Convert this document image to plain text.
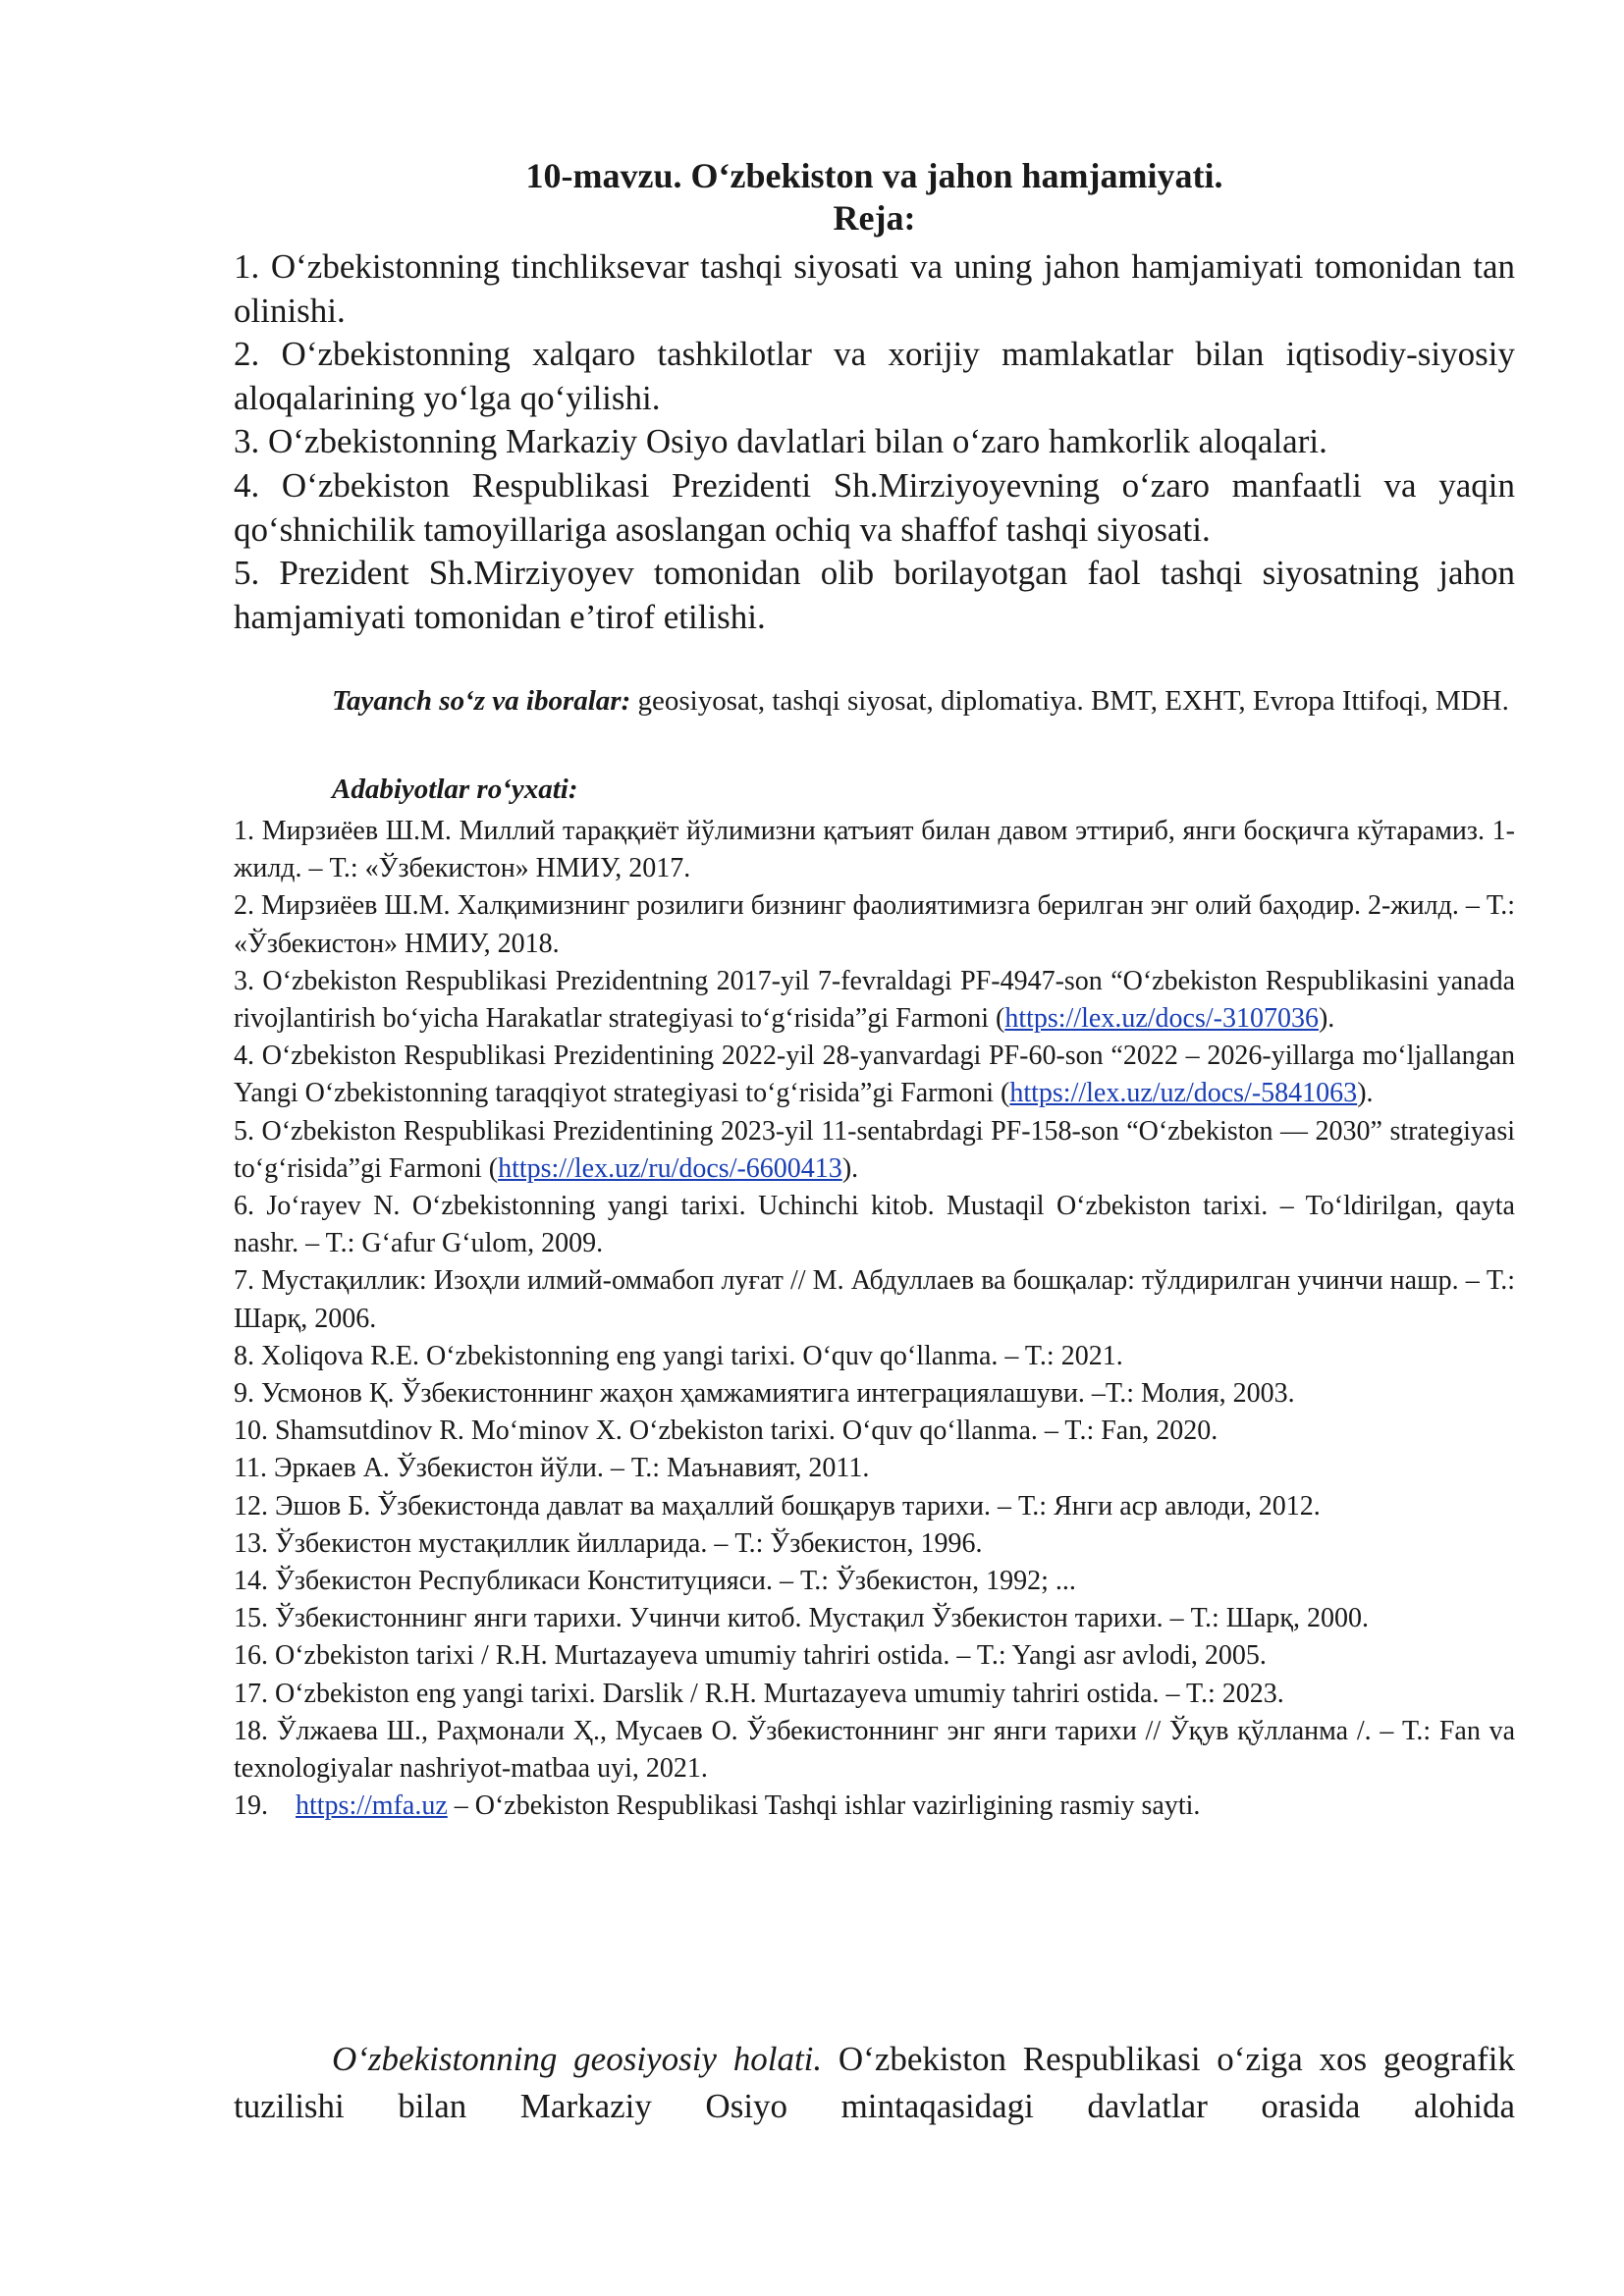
10-mavzu. O‘zbekiston va jahon hamjamiyati.
Reja:

1. O‘zbekistonning tinchliksevar tashqi siyosati va uning jahon hamjamiyati tomonidan tan olinishi.

2. O‘zbekistonning xalqaro tashkilotlar va xorijiy mamlakatlar bilan iqtisodiy-siyosiy aloqalarining yo‘lga qo‘yilishi.

3. O‘zbekistonning Markaziy Osiyo davlatlari bilan o‘zaro hamkorlik aloqalari.

4. O‘zbekiston Respublikasi Prezidenti Sh.Mirziyoyevning o‘zaro manfaatli va yaqin qo‘shnichilik tamoyillariga asoslangan ochiq va shaffof tashqi siyosati.

5. Prezident Sh.Mirziyoyev tomonidan olib borilayotgan faol tashqi siyosatning jahon hamjamiyati tomonidan e’tirof etilishi.

Tayanch so‘z va iboralar: geosiyosat, tashqi siyosat, diplomatiya. BMT, EXHT, Evropa Ittifoqi, MDH.

Adabiyotlar ro‘yxati:

1. Мирзиёев Ш.М. Миллий тараққиёт йўлимизни қатъият билан давом эттириб, янги босқичга кўтарамиз. 1-жилд. – Т.: «Ўзбекистон» НМИУ, 2017.

2. Мирзиёев Ш.М. Халқимизнинг розилиги бизнинг фаолиятимизга берилган энг олий баҳодир. 2-жилд. – Т.: «Ўзбекистон» НМИУ, 2018.

3. O‘zbekiston Respublikasi Prezidentning 2017-yil 7-fevraldagi PF-4947-son “O‘zbekiston Respublikasini yanada rivojlantirish bo‘yicha Harakatlar strategiyasi to‘g‘risida”gi Farmoni (https://lex.uz/docs/-3107036).

4. O‘zbekiston Respublikasi Prezidentining 2022-yil 28-yanvardagi PF-60-son “2022 – 2026-yillarga mo‘ljallangan Yangi O‘zbekistonning taraqqiyot strategiyasi to‘g‘risida”gi Farmoni (https://lex.uz/uz/docs/-5841063).

5. O‘zbekiston Respublikasi Prezidentining 2023-yil 11-sentabrdagi PF-158-son “O‘zbekiston — 2030” strategiyasi to‘g‘risida”gi Farmoni (https://lex.uz/ru/docs/-6600413).

6. Jo‘rayev N. O‘zbekistonning yangi tarixi. Uchinchi kitob. Mustaqil O‘zbekiston tarixi. – To‘ldirilgan, qayta nashr. – T.: G‘afur G‘ulom, 2009.

7. Мустақиллик: Изоҳли илмий-оммабоп луғат // М. Абдуллаев ва бошқалар: тўлдирилган учинчи нашр. – Т.: Шарқ, 2006.

8. Xoliqova R.E. O‘zbekistonning eng yangi tarixi. O‘quv qo‘llanma. – T.: 2021.

9. Усмонов Қ. Ўзбекистоннинг жаҳон ҳамжамиятига интеграциялашуви. –Т.: Молия, 2003.

10. Shamsutdinov R. Mo‘minov X. O‘zbekiston tarixi. O‘quv qo‘llanma. – T.: Fan, 2020.

11. Эркаев А. Ўзбекистон йўли. – Т.: Маънавият, 2011.

12. Эшов Б. Ўзбекистонда давлат ва маҳаллий бошқарув тарихи. – Т.: Янги аср авлоди, 2012.

13. Ўзбекистон мустақиллик йилларида. – Т.: Ўзбекистон, 1996.

14. Ўзбекистон Республикаси Конституцияси. – Т.: Ўзбекистон, 1992; ...

15. Ўзбекистоннинг янги тарихи. Учинчи китоб. Мустақил Ўзбекистон тарихи. – Т.: Шарқ, 2000.

16. O‘zbekiston tarixi / R.H. Murtazayeva umumiy tahriri ostida. – T.: Yangi asr avlodi, 2005.

17. O‘zbekiston eng yangi tarixi. Darslik / R.H. Murtazayeva umumiy tahriri ostida. – T.: 2023.

18. Ўлжаева Ш., Раҳмонали Ҳ., Мусаев О. Ўзбекистоннинг энг янги тарихи // Ўқув қўлланма /. – Т.: Fan va texnologiyalar nashriyot-matbaa uyi, 2021.

19.    https://mfa.uz – O‘zbekiston Respublikasi Tashqi ishlar vazirligining rasmiy sayti.

O‘zbekistonning geosiyosiy holati. O‘zbekiston Respublikasi o‘ziga xos geografik tuzilishi bilan Markaziy Osiyo mintaqasidagi davlatlar orasida alohida
